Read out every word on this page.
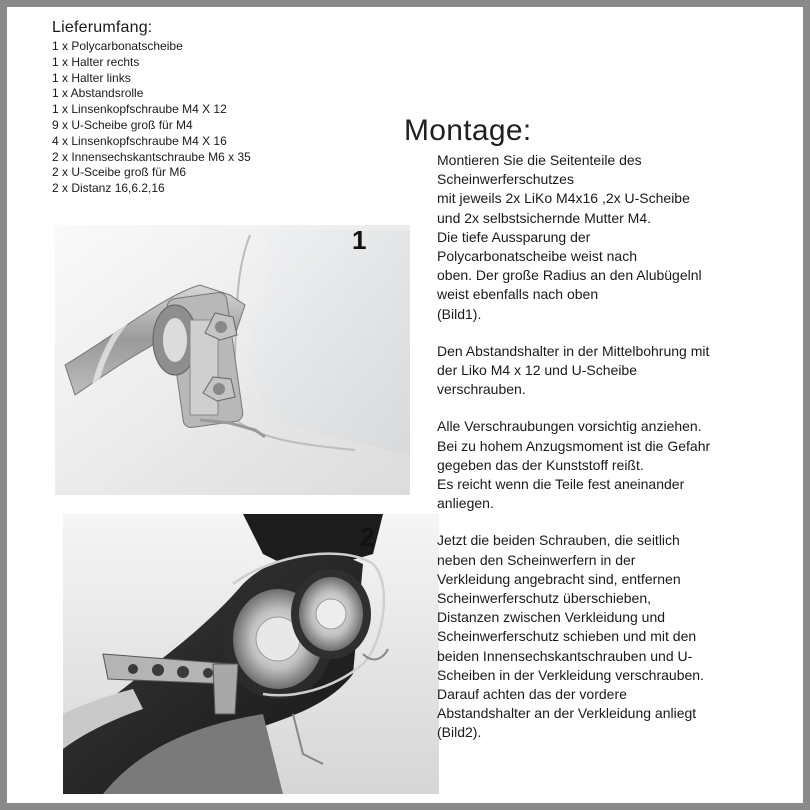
Lieferumfang:
1 x Polycarbonatscheibe
1 x Halter rechts
1 x Halter links
1 x Abstandsrolle
1 x Linsenkopfschraube M4 X 12
9 x U-Scheibe groß für M4
4 x Linsenkopfschraube M4 X 16
2 x Innensechskantschraube M6 x 35
2 x U-Sceibe groß für M6
2 x Distanz 16,6.2,16
1
2
Montage:
Montieren Sie die Seitenteile des
Scheinwerferschutzes
mit jeweils 2x LiKo M4x16 ,2x U-Scheibe
und 2x selbstsichernde Mutter M4.
Die tiefe Aussparung der
Polycarbonatscheibe weist nach
oben. Der große Radius an den Alubügelnl
weist ebenfalls nach oben
(Bild1).
Den Abstandshalter in der Mittelbohrung mit
der Liko M4 x 12 und U-Scheibe
verschrauben.
Alle Verschraubungen vorsichtig anziehen.
Bei zu hohem Anzugsmoment ist die Gefahr
gegeben das der Kunststoff reißt.
Es reicht wenn die Teile fest aneinander
anliegen.
Jetzt die beiden Schrauben, die seitlich
neben den Scheinwerfern in der
Verkleidung angebracht sind, entfernen
Scheinwerferschutz überschieben,
Distanzen zwischen Verkleidung und
Scheinwerferschutz schieben und mit den
beiden Innensechskantschrauben und U-
Scheiben in der Verkleidung verschrauben.
Darauf achten das der vordere
Abstandshalter an der Verkleidung anliegt
(Bild2).
